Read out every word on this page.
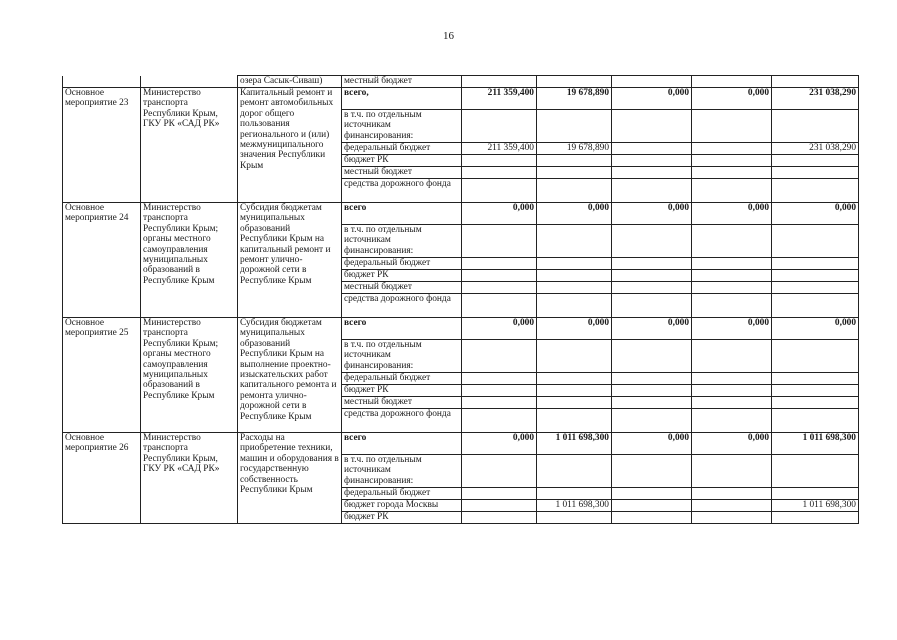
16
		озера Сасык-Сиваш)	местный бюджет					
Основное мероприятие 23	Министерство транспорта Республики Крым, ГКУ РК «САД РК»	Капитальный ремонт и ремонт автомобильных дорог общего пользования регионального и (или) межмуниципального значения Республики Крым	всего,	211 359,400	19 678,890	0,000	0,000	231 038,290
			в т.ч. по отдельным источникам финансирования:					
			федеральный бюджет	211 359,400	19 678,890			231 038,290
			бюджет РК					
			местный бюджет					
			средства дорожного фонда					
Основное мероприятие 24	Министерство транспорта Республики Крым; органы местного самоуправления муниципальных образований в Республике Крым	Субсидия бюджетам муниципальных образований Республики Крым на капитальный ремонт и ремонт улично-дорожной сети в Республике Крым	всего	0,000	0,000	0,000	0,000	0,000
			в т.ч. по отдельным источникам финансирования:					
			федеральный бюджет					
			бюджет РК					
			местный бюджет					
			средства дорожного фонда					
Основное мероприятие 25	Министерство транспорта Республики Крым; органы местного самоуправления муниципальных образований в Республике Крым	Субсидия бюджетам муниципальных образований Республики Крым на выполнение проектно-изыскательских работ капитального ремонта и ремонта улично-дорожной сети в Республике Крым	всего	0,000	0,000	0,000	0,000	0,000
			в т.ч. по отдельным источникам финансирования:					
			федеральный бюджет					
			бюджет РК					
			местный бюджет					
			средства дорожного фонда					
Основное мероприятие 26	Министерство транспорта Республики Крым, ГКУ РК «САД РК»	Расходы на приобретение техники, машин и оборудования в государственную собственность Республики Крым	всего	0,000	1 011 698,300	0,000	0,000	1 011 698,300
			в т.ч. по отдельным источникам финансирования:					
			федеральный бюджет					
			бюджет города Москвы		1 011 698,300			1 011 698,300
			бюджет РК					
